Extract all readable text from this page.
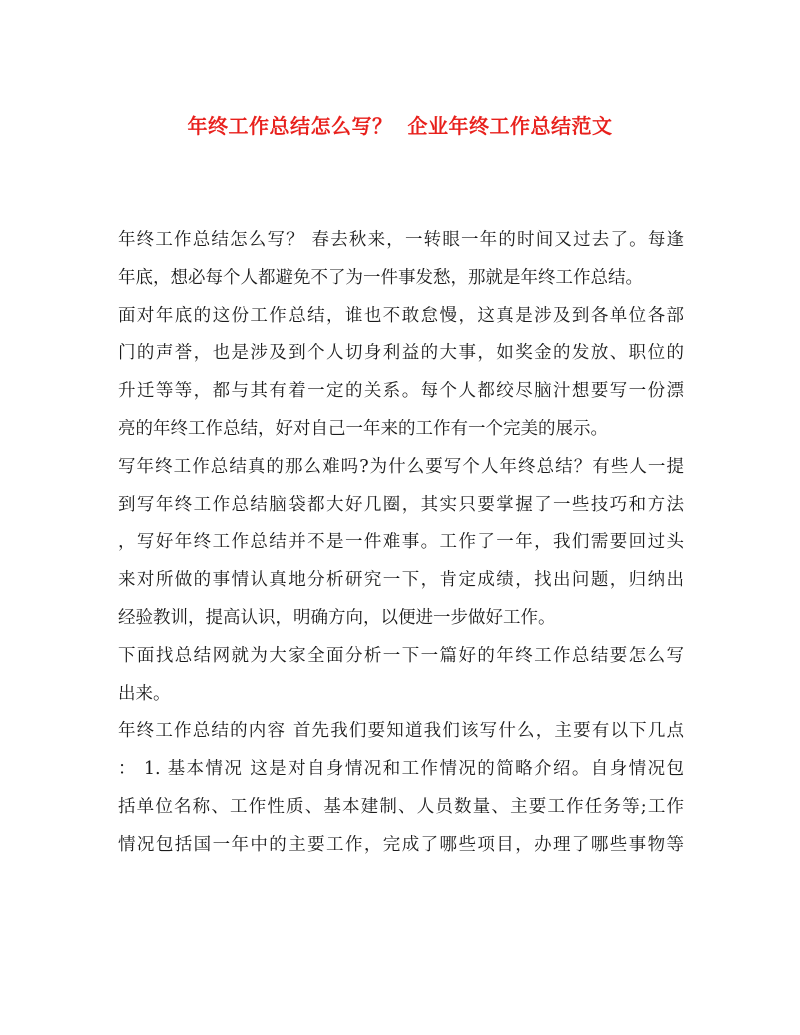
年终工作总结怎么写？  企业年终工作总结范文
年终工作总结怎么写？ 春去秋来，一转眼一年的时间又过去了。每逢
年底，想必每个人都避免不了为一件事发愁，那就是年终工作总结。
面对年底的这份工作总结，谁也不敢怠慢，这真是涉及到各单位各部
门的声誉，也是涉及到个人切身利益的大事，如奖金的发放、职位的
升迁等等，都与其有着一定的关系。每个人都绞尽脑汁想要写一份漂
亮的年终工作总结，好对自己一年来的工作有一个完美的展示。
写年终工作总结真的那么难吗?为什么要写个人年终总结？有些人一提
到写年终工作总结脑袋都大好几圈，其实只要掌握了一些技巧和方法
，写好年终工作总结并不是一件难事。工作了一年，我们需要回过头
来对所做的事情认真地分析研究一下，肯定成绩，找出问题，归纳出
经验教训，提高认识，明确方向，以便进一步做好工作。
下面找总结网就为大家全面分析一下一篇好的年终工作总结要怎么写
出来。
年终工作总结的内容 首先我们要知道我们该写什么，主要有以下几点
： 1. 基本情况 这是对自身情况和工作情况的简略介绍。自身情况包
括单位名称、工作性质、基本建制、人员数量、主要工作任务等;工作
情况包括国一年中的主要工作，完成了哪些项目，办理了哪些事物等
